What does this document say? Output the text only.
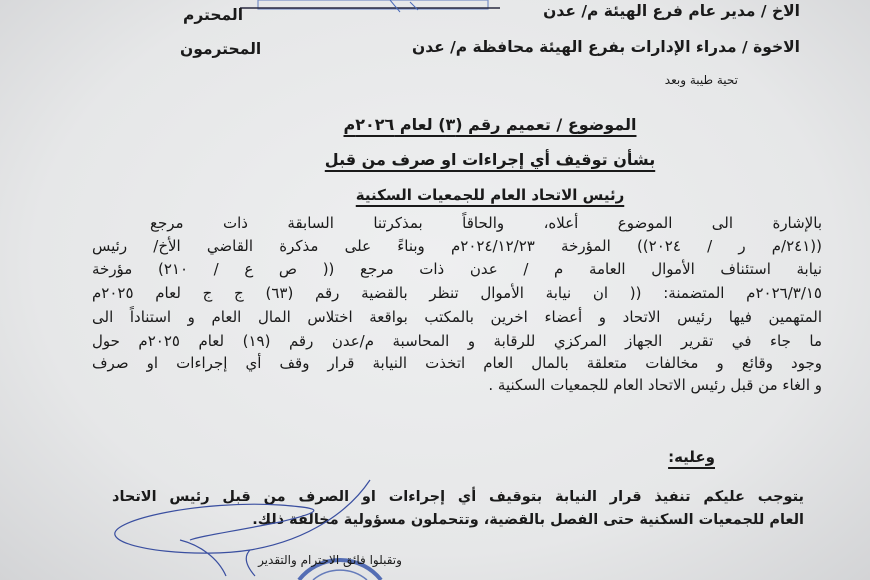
الاخ / مدير عام فرع الهيئة م/ عدن
المحترم
الاخوة / مدراء الإدارات بفرع الهيئة محافظة م/ عدن
المحترمون
تحية طيبة وبعد
الموضوع / تعميم رقم (٣) لعام ٢٠٢٦م
بشأن توقيف أي إجراءات او صرف من قبل
رئيس الاتحاد العام للجمعيات السكنية
بالإشارة الى الموضوع أعلاه، والحاقاً بمذكرتنا السابقة ذات مرجع
((٢٤١/م ر / ٢٠٢٤)) المؤرخة ٢٠٢٤/١٢/٢٣م وبناءً على مذكرة القاضي الأخ/ رئيس
نيابة استئناف الأموال العامة م / عدن ذات مرجع (( ص ع / ٢١٠) مؤرخة
٢٠٢٦/٣/١٥م المتضمنة: (( ان نيابة الأموال تنظر بالقضية رقم (٦٣) ج ج لعام ٢٠٢٥م
المتهمين فيها رئيس الاتحاد و أعضاء اخرين بالمكتب بواقعة اختلاس المال العام و استناداً الى
ما جاء في تقرير الجهاز المركزي للرقابة و المحاسبة م/عدن رقم (١٩) لعام ٢٠٢٥م حول
وجود وقائع و مخالفات متعلقة بالمال العام اتخذت النيابة قرار وقف أي إجراءات او صرف
و الغاء من قبل رئيس الاتحاد العام للجمعيات السكنية .
وعليه:
يتوجب عليكم تنفيذ قرار النيابة بتوقيف أي إجراءات او الصرف من قبل رئيس الاتحاد
العام للجمعيات السكنية حتى الفصل بالقضية، وتتحملون مسؤولية مخالفة ذلك.
وتقبلوا فائق الاحترام والتقدير
